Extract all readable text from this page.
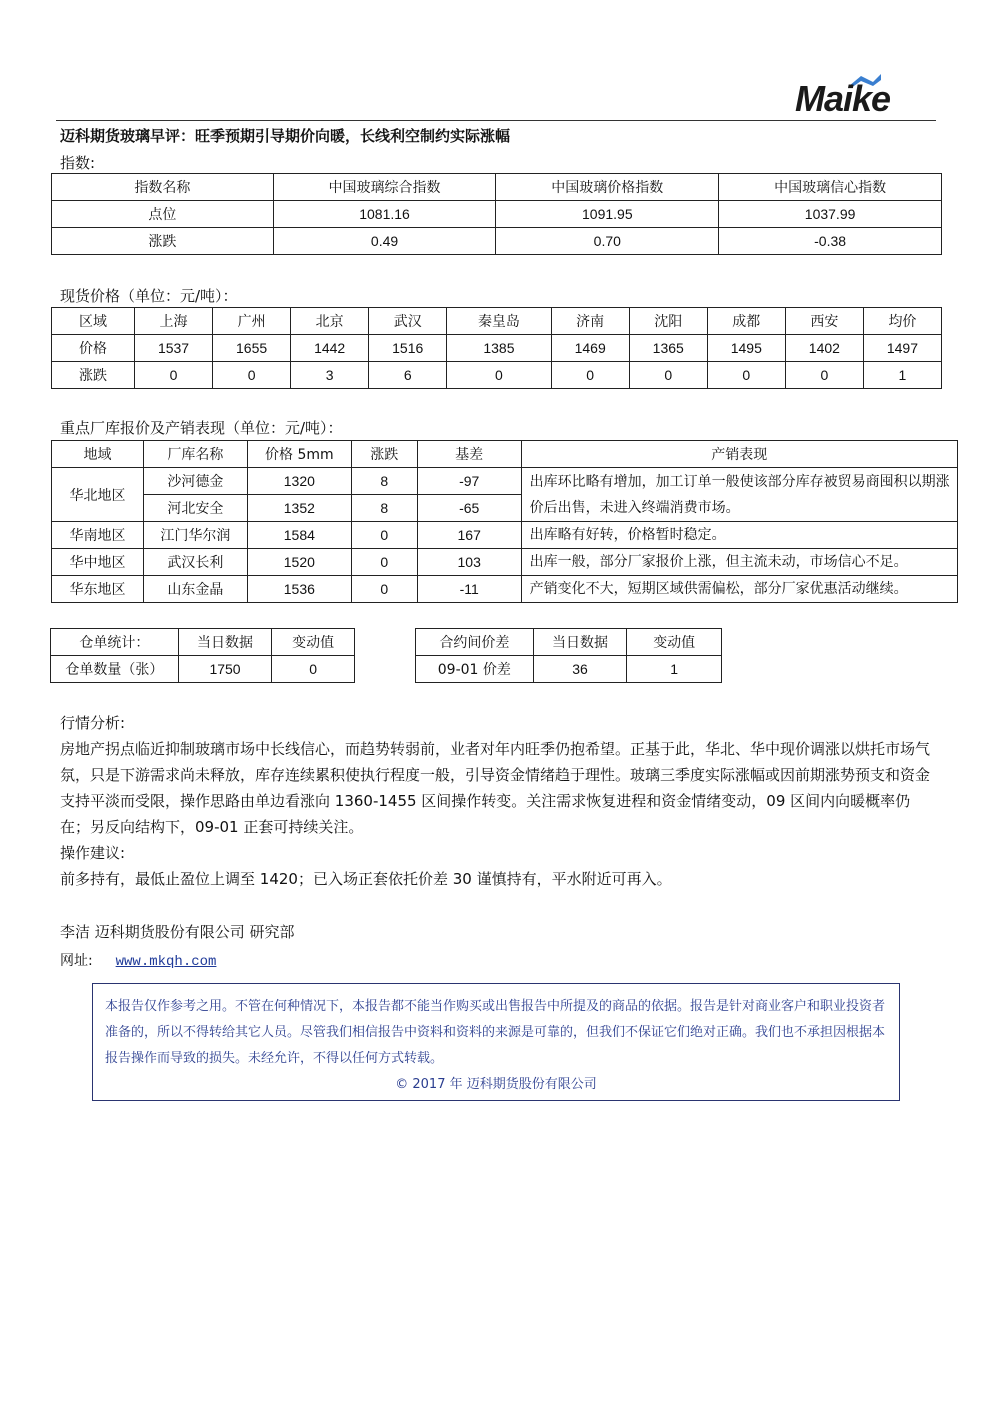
Maike
迈科期货玻璃早评：旺季预期引导期价向暖，长线利空制约实际涨幅
指数:
指数名称	中国玻璃综合指数	中国玻璃价格指数	中国玻璃信心指数
点位	1081.16	1091.95	1037.99
涨跌	0.49	0.70	-0.38
现货价格（单位：元/吨）：
区域	上海	广州	北京	武汉	秦皇岛	济南	沈阳	成都	西安	均价
价格	1537	1655	1442	1516	1385	1469	1365	1495	1402	1497
涨跌	0	0	3	6	0	0	0	0	0	1
重点厂库报价及产销表现（单位：元/吨）：
地域	厂库名称	价格 5mm	涨跌	基差	产销表现
华北地区	沙河德金	1320	8	-97	出库环比略有增加，加工订单一般使该部分库存被贸易商囤积以期涨价后出售，未进入终端消费市场。
	河北安全	1352	8	-65	
华南地区	江门华尔润	1584	0	167	出库略有好转，价格暂时稳定。
华中地区	武汉长利	1520	0	103	出库一般，部分厂家报价上涨，但主流未动，市场信心不足。
华东地区	山东金晶	1536	0	-11	产销变化不大，短期区域供需偏松，部分厂家优惠活动继续。
仓单统计：	当日数据	变动值
仓单数量（张）	1750	0
合约间价差	当日数据	变动值
09-01 价差	36	1
行情分析:
房地产拐点临近抑制玻璃市场中长线信心，而趋势转弱前，业者对年内旺季仍抱希望。正基于此，华北、华中现价调涨以烘托市场气氛，只是下游需求尚未释放，库存连续累积使执行程度一般，引导资金情绪趋于理性。玻璃三季度实际涨幅或因前期涨势预支和资金支持平淡而受限，操作思路由单边看涨向 1360-1455 区间操作转变。关注需求恢复进程和资金情绪变动，09 区间内向暖概率仍在；另反向结构下，09-01 正套可持续关注。
操作建议:
前多持有，最低止盈位上调至 1420；已入场正套依托价差 30 谨慎持有，平水附近可再入。
李洁 迈科期货股份有限公司 研究部
网址: www.mkqh.com
本报告仅作参考之用。不管在何种情况下，本报告都不能当作购买或出售报告中所提及的商品的依据。报告是针对商业客户和职业投资者准备的，所以不得转给其它人员。尽管我们相信报告中资料和资料的来源是可靠的，但我们不保证它们绝对正确。我们也不承担因根据本报告操作而导致的损失。未经允许，不得以任何方式转载。
© 2017 年 迈科期货股份有限公司
